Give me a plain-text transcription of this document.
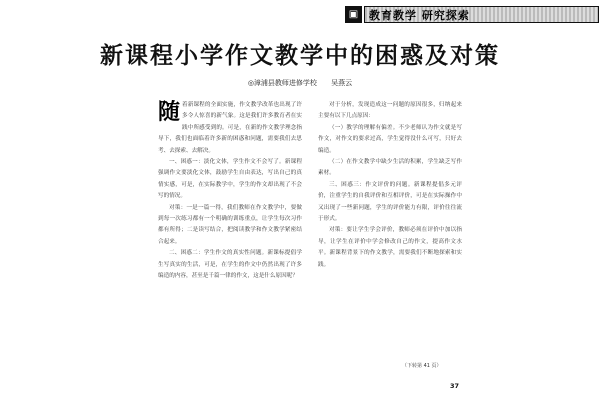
▣ 教育教学 研究探索
新课程小学作文教学中的困惑及对策
◎漳浦县教师进修学校 吴燕云

随着新课程的全面实施，作文教学改革也出现了许多令人惊喜的新气象。这是我们许多教育者在实践中所感受到的。可是，在新的作文教学理念指导下，我们也面临着许多新的困惑和问题，需要我们去思考、去探索、去解决。

一、困惑一：淡化文体，学生作文不会写了。新课程强调作文要淡化文体，鼓励学生自由表达，写出自己的真情实感，可是，在实际教学中，学生的作文却出现了不会写的情况。

对策：一是一篇一得，我们教师在作文教学中，要做到每一次练习都有一个明确的训练重点，让学生每次习作都有所得；二是读写结合，把阅读教学和作文教学紧密结合起来。

二、困惑二：学生作文的真实性问题。新课标提倡学生写真实的生活，可是，在学生的作文中仍然出现了许多编造的内容，甚至是千篇一律的作文，这是什么原因呢？

对于分析，发现造成这一问题的原因很多，归纳起来主要有以下几点原因：

（一）教学的理解有偏差。不少老师认为作文就是写作文，对作文的要求过高，学生觉得没什么可写，只好去编造。

（二）在作文教学中缺少生活的积累，学生缺乏写作素材。

三、困惑三：作文评价的问题。新课程提倡多元评价，注重学生的自我评价和互相评价，可是在实际操作中又出现了一些新问题，学生的评价能力有限，评价往往流于形式。

对策：要让学生学会评价，教师必须在评价中加以指导，让学生在评价中学会修改自己的作文，提高作文水平。新课程背景下的作文教学，需要我们不断地探索和实践。

（下转第 41 页）
37
